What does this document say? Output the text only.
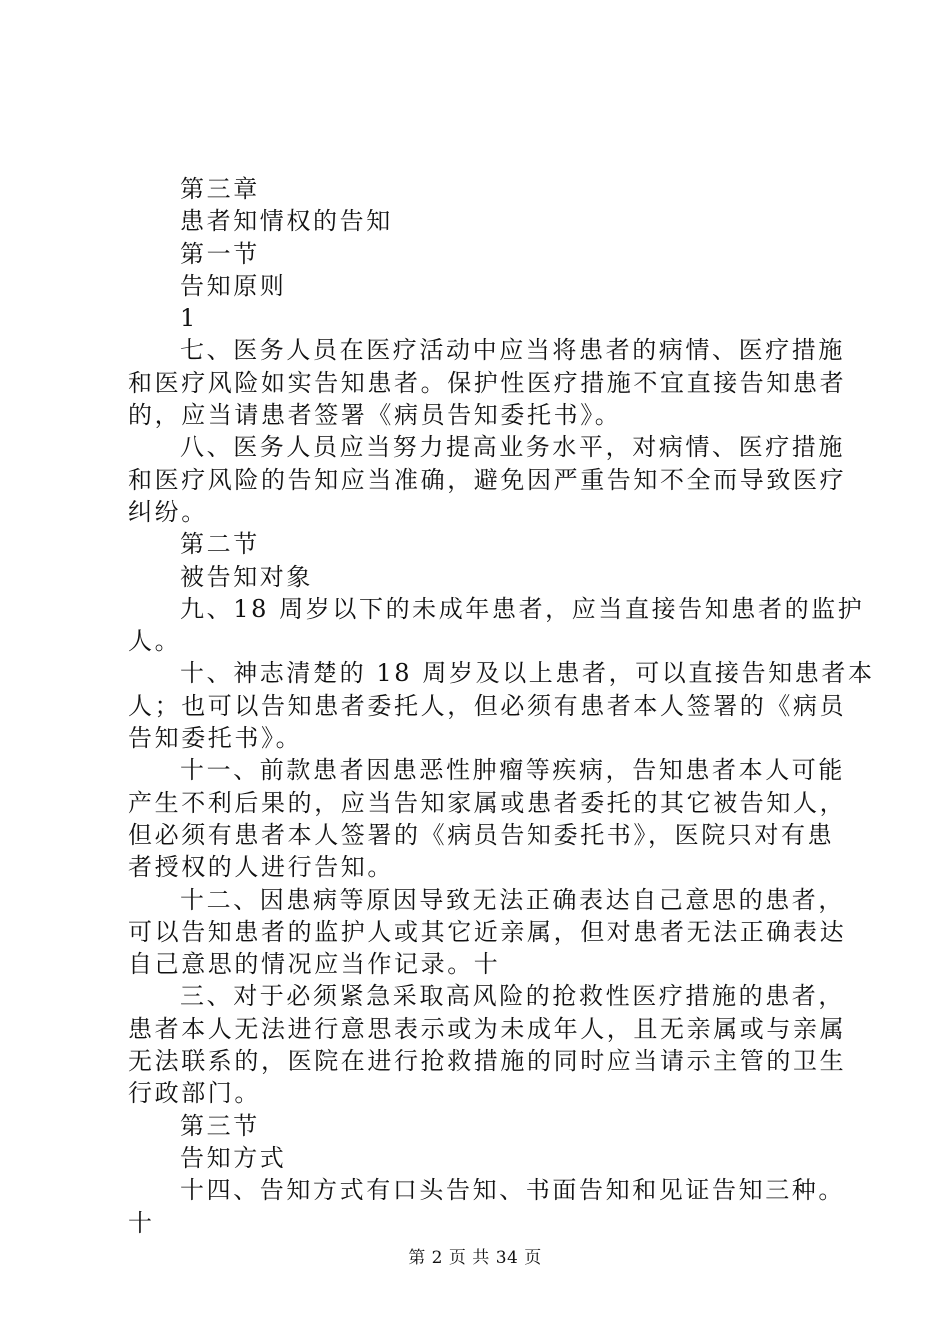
第三章
患者知情权的告知
第一节
告知原则
1
七、医务人员在医疗活动中应当将患者的病情、医疗措施
和医疗风险如实告知患者。保护性医疗措施不宜直接告知患者
的，应当请患者签署《病员告知委托书》。
八、医务人员应当努力提高业务水平，对病情、医疗措施
和医疗风险的告知应当准确，避免因严重告知不全而导致医疗
纠纷。
第二节
被告知对象
九、18 周岁以下的未成年患者，应当直接告知患者的监护
人。
十、神志清楚的 18 周岁及以上患者，可以直接告知患者本
人；也可以告知患者委托人，但必须有患者本人签署的《病员
告知委托书》。
十一、前款患者因患恶性肿瘤等疾病，告知患者本人可能
产生不利后果的，应当告知家属或患者委托的其它被告知人，
但必须有患者本人签署的《病员告知委托书》，医院只对有患
者授权的人进行告知。
十二、因患病等原因导致无法正确表达自己意思的患者，
可以告知患者的监护人或其它近亲属，但对患者无法正确表达
自己意思的情况应当作记录。十
三、对于必须紧急采取高风险的抢救性医疗措施的患者，
患者本人无法进行意思表示或为未成年人，且无亲属或与亲属
无法联系的，医院在进行抢救措施的同时应当请示主管的卫生
行政部门。
第三节
告知方式
十四、告知方式有口头告知、书面告知和见证告知三种。
十
第 2 页 共 34 页
